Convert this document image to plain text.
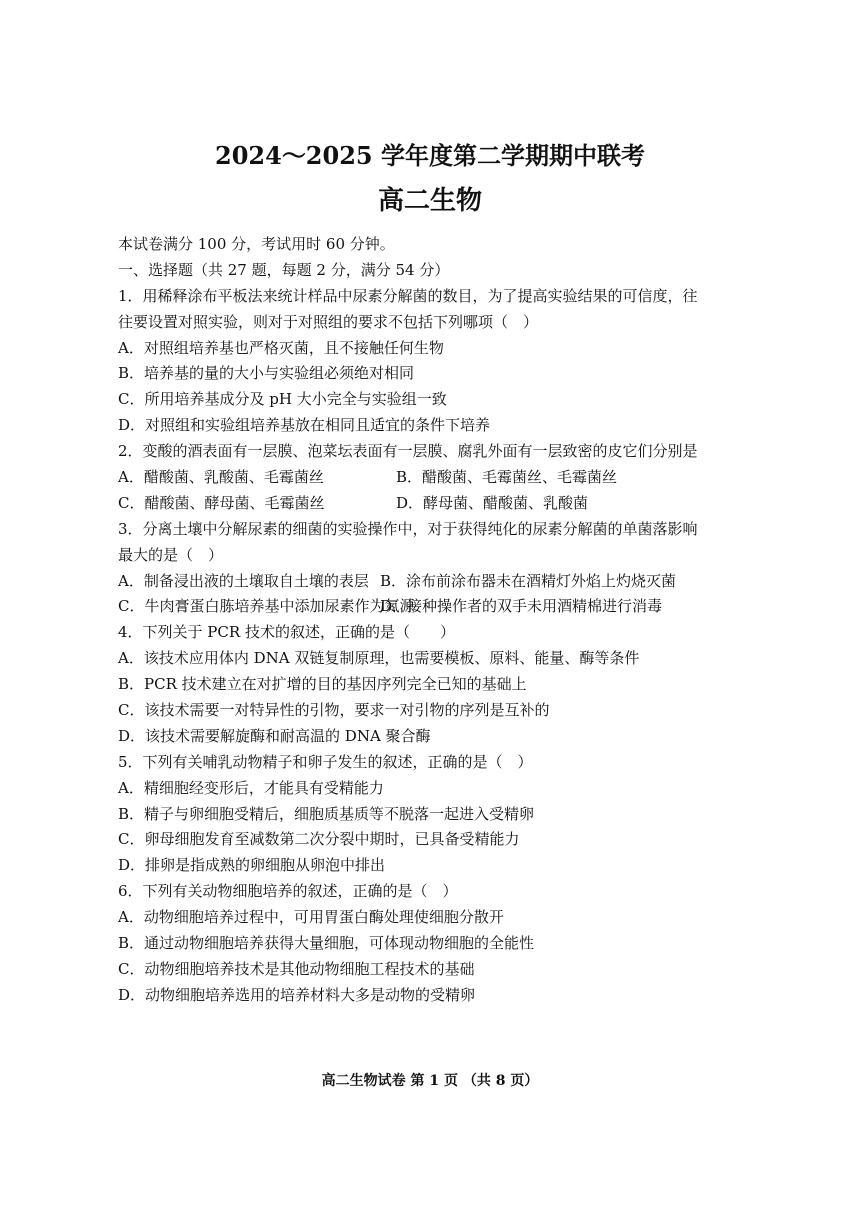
2024～2025 学年度第二学期期中联考
高二生物
本试卷满分 100 分，考试用时 60 分钟。
一、选择题（共 27 题，每题 2 分，满分 54 分）
1．用稀释涂布平板法来统计样品中尿素分解菌的数目，为了提高实验结果的可信度，往
往要设置对照实验，则对于对照组的要求不包括下列哪项（　）
A．对照组培养基也严格灭菌，且不接触任何生物
B．培养基的量的大小与实验组必须绝对相同
C．所用培养基成分及 pH 大小完全与实验组一致
D．对照组和实验组培养基放在相同且适宜的条件下培养
2．变酸的酒表面有一层膜、泡菜坛表面有一层膜、腐乳外面有一层致密的皮它们分别是
A．醋酸菌、乳酸菌、毛霉菌丝	B．醋酸菌、毛霉菌丝、毛霉菌丝
C．醋酸菌、酵母菌、毛霉菌丝	D．酵母菌、醋酸菌、乳酸菌
3．分离土壤中分解尿素的细菌的实验操作中，对于获得纯化的尿素分解菌的单菌落影响
最大的是（　）
A．制备浸出液的土壤取自土壤的表层 B．涂布前涂布器未在酒精灯外焰上灼烧灭菌
C．牛肉膏蛋白胨培养基中添加尿素作为氮源
D．接种操作者的双手未用酒精棉进行消毒
4．下列关于 PCR 技术的叙述，正确的是（　　）
A．该技术应用体内 DNA 双链复制原理，也需要模板、原料、能量、酶等条件
B．PCR 技术建立在对扩增的目的基因序列完全已知的基础上
C．该技术需要一对特异性的引物，要求一对引物的序列是互补的
D．该技术需要解旋酶和耐高温的 DNA 聚合酶
5．下列有关哺乳动物精子和卵子发生的叙述，正确的是（　）
A．精细胞经变形后，才能具有受精能力
B．精子与卵细胞受精后，细胞质基质等不脱落一起进入受精卵
C．卵母细胞发育至减数第二次分裂中期时，已具备受精能力
D．排卵是指成熟的卵细胞从卵泡中排出
6．下列有关动物细胞培养的叙述，正确的是（　）
A．动物细胞培养过程中，可用胃蛋白酶处理使细胞分散开
B．通过动物细胞培养获得大量细胞，可体现动物细胞的全能性
C．动物细胞培养技术是其他动物细胞工程技术的基础
D．动物细胞培养选用的培养材料大多是动物的受精卵
高二生物试卷 第 1 页 （共 8 页）
